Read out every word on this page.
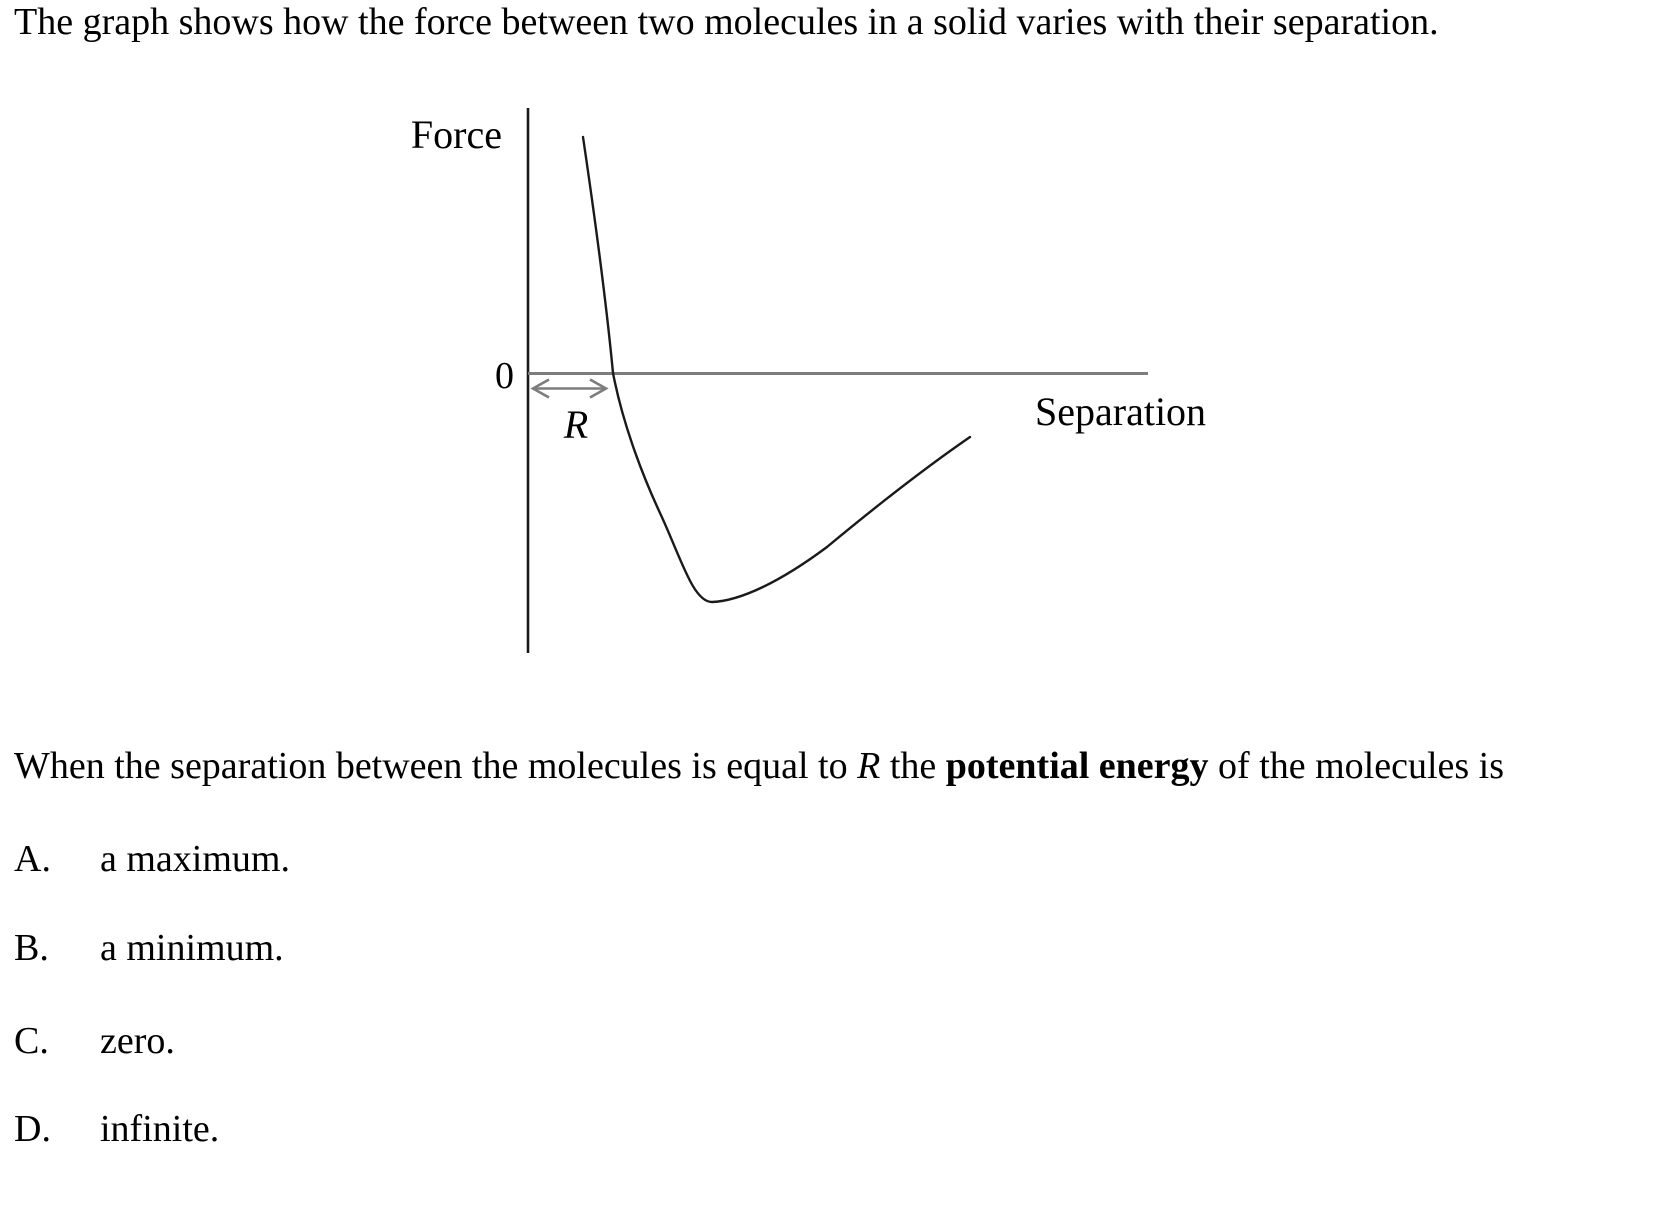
The graph shows how the force between two molecules in a solid varies with their separation.

Force
0
R	Separation

When the separation between the molecules is equal to R the potential energy of the molecules is

A.	a maximum.
B.	a minimum.
C.	zero.
D.	infinite.
